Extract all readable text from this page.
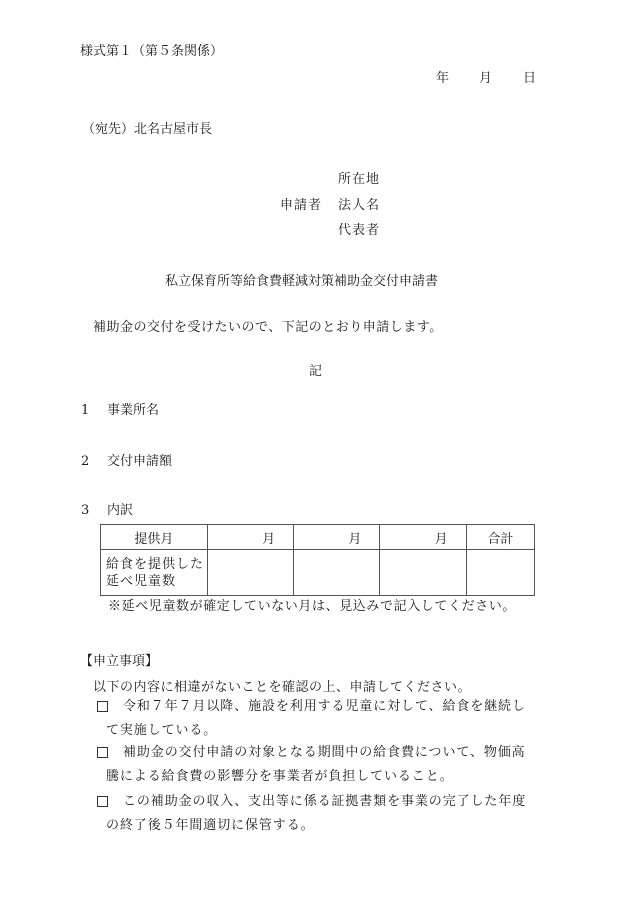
様式第１（第５条関係）
年 月 日
（宛先）北名古屋市長
所在地
申請者 法人名
代表者
私立保育所等給食費軽減対策補助金交付申請書
補助金の交付を受けたいので、下記のとおり申請します。
記
1 事業所名
2 交付申請額
3 内訳
提供月	月	月	月	合計

給食を提供した
延べ児童数				

※延べ児童数が確定していない月は、見込みで記入してください。
【申立事項】
以下の内容に相違がないことを確認の上、申請してください。
令和７年７月以降、施設を利用する児童に対して、給食を継続し
て実施している。
補助金の交付申請の対象となる期間中の給食費について、物価高
騰による給食費の影響分を事業者が負担していること。
この補助金の収入、支出等に係る証拠書類を事業の完了した年度
の終了後５年間適切に保管する。
